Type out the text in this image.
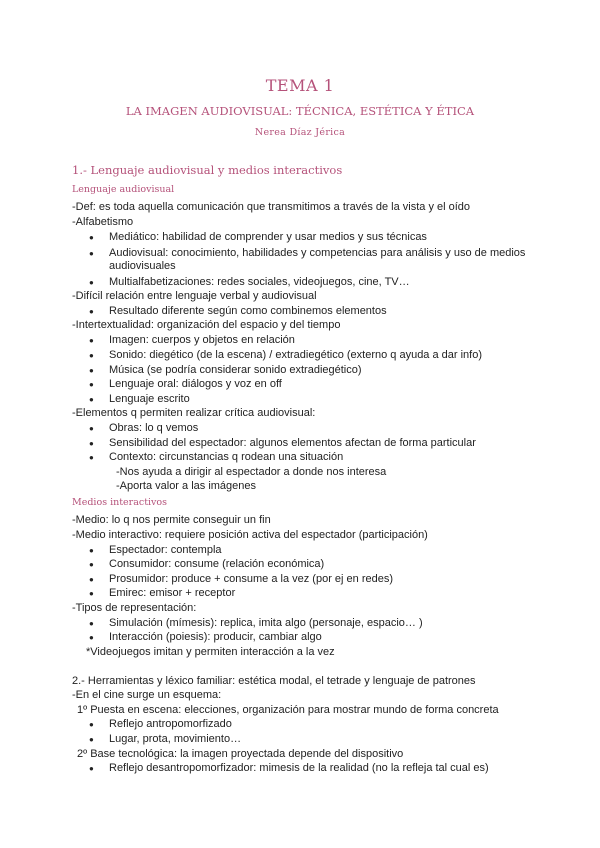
TEMA 1
LA IMAGEN AUDIOVISUAL: TÉCNICA, ESTÉTICA Y ÉTICA
Nerea Díaz Jérica
1.- Lenguaje audiovisual y medios interactivos
Lenguaje audiovisual
-Def: es toda aquella comunicación que transmitimos a través de la vista y el oído
-Alfabetismo
● Mediático: habilidad de comprender y usar medios y sus técnicas
● Audiovisual: conocimiento, habilidades y competencias para análisis y uso de medios audiovisuales
● Multialfabetizaciones: redes sociales, videojuegos, cine, TV…
-Difícil relación entre lenguaje verbal y audiovisual
● Resultado diferente según como combinemos elementos
-Intertextualidad: organización del espacio y del tiempo
● Imagen: cuerpos y objetos en relación
● Sonido: diegético (de la escena) / extradiegético (externo q ayuda a dar info)
● Música (se podría considerar sonido extradiegético)
● Lenguaje oral: diálogos y voz en off
● Lenguaje escrito
-Elementos q permiten realizar crítica audiovisual:
● Obras: lo q vemos
● Sensibilidad del espectador: algunos elementos afectan de forma particular
● Contexto: circunstancias q rodean una situación
-Nos ayuda a dirigir al espectador a donde nos interesa
-Aporta valor a las imágenes
Medios interactivos
-Medio: lo q nos permite conseguir un fin
-Medio interactivo: requiere posición activa del espectador (participación)
● Espectador: contempla
● Consumidor: consume (relación económica)
● Prosumidor: produce + consume a la vez (por ej en redes)
● Emirec: emisor + receptor
-Tipos de representación:
● Simulación (mímesis): replica, imita algo (personaje, espacio… )
● Interacción (poiesis): producir, cambiar algo
*Videojuegos imitan y permiten interacción a la vez
2.- Herramientas y léxico familiar: estética modal, el tetrade y lenguaje de patrones
-En el cine surge un esquema:
1º Puesta en escena: elecciones, organización para mostrar mundo de forma concreta
● Reflejo antropomorfizado
● Lugar, prota, movimiento…
2º Base tecnológica: la imagen proyectada depende del dispositivo
● Reflejo desantropomorfizador: mimesis de la realidad (no la refleja tal cual es)
